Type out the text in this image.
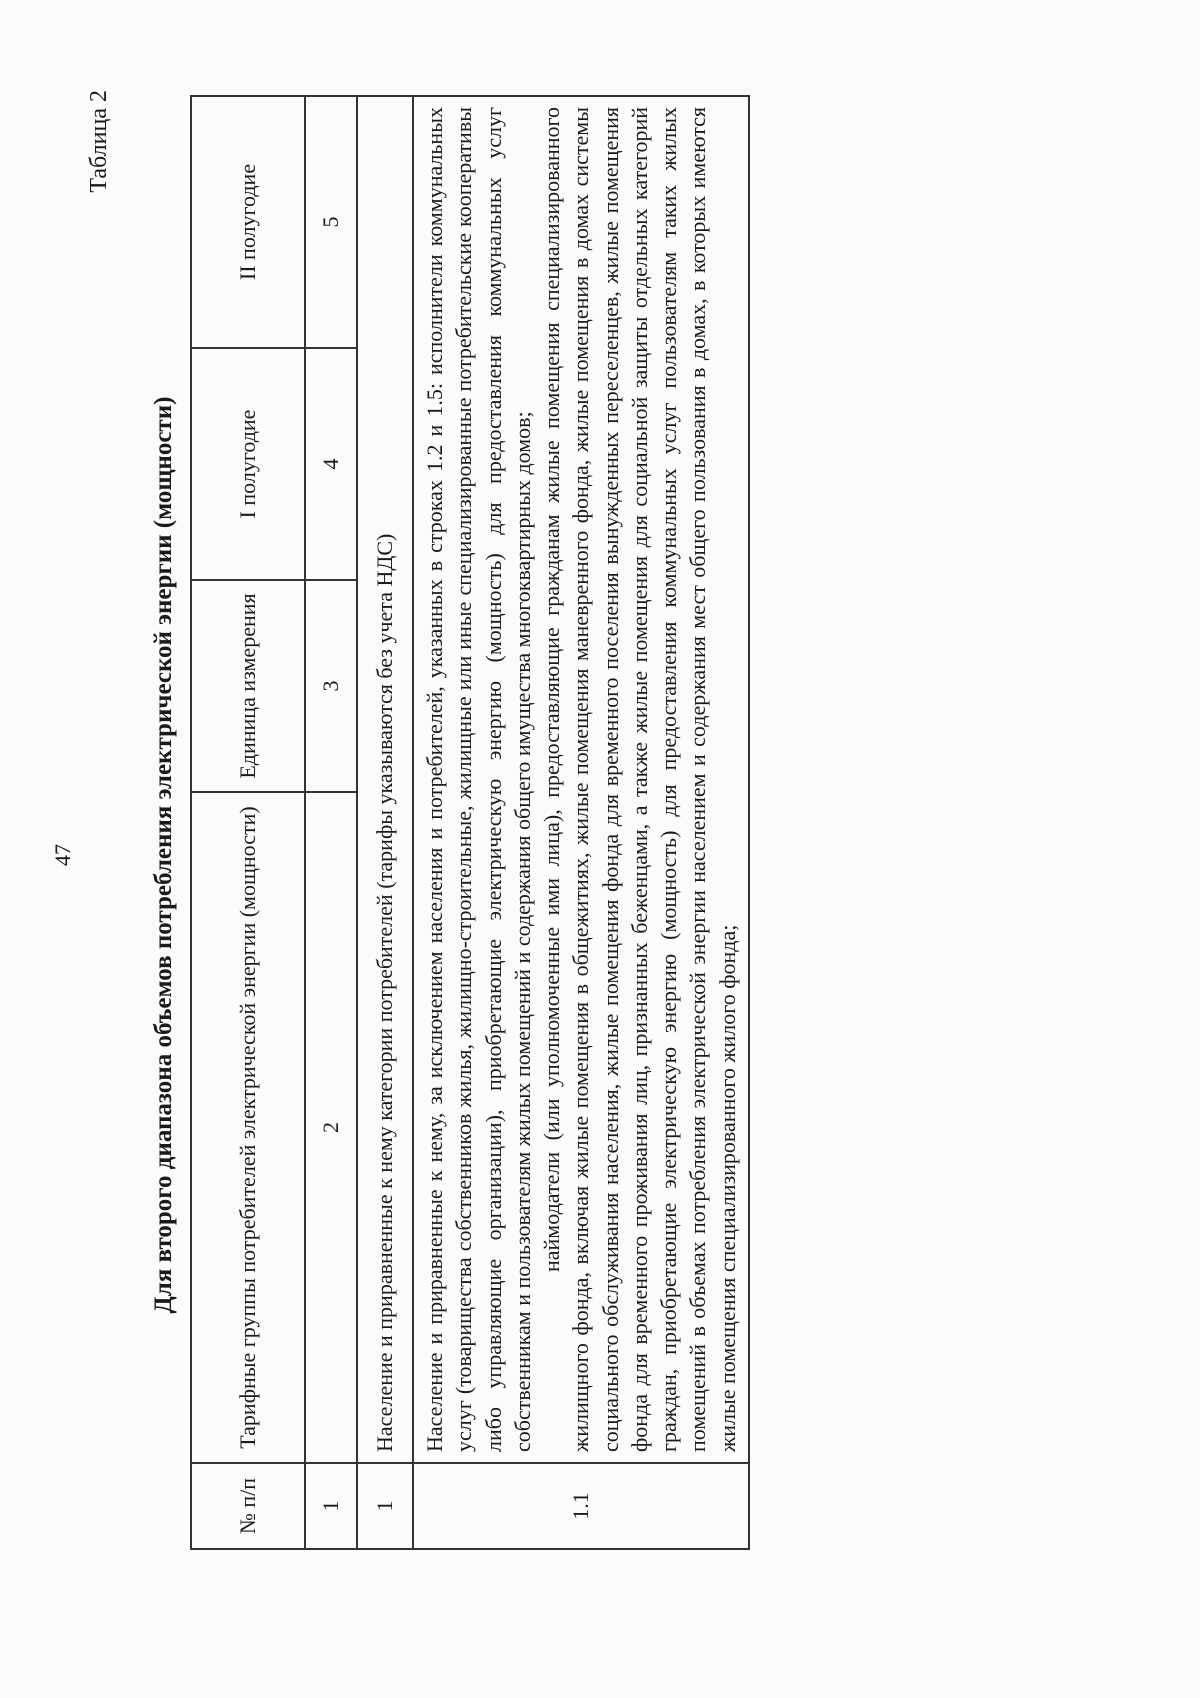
47
Таблица 2
Для второго диапазона объемов потребления электрической энергии (мощности)
№ п/п	Тарифные группы потребителей электрической энергии (мощности)	Единица измерения	I полугодие	II полугодие
1	2	3	4	5
1	Население и приравненные к нему категории потребителей (тарифы указываются без учета НДС)			
1.1	Население и приравненные к нему, за исключением населения и потребителей, указанных в строках 1.2 и 1.5: исполнители коммунальных услуг (товарищества собственников жилья, жилищно-строительные, жилищные или иные специализированные потребительские кооперативы либо управляющие организации), приобретающие электрическую энергию (мощность) для предоставления коммунальных услуг собственникам и пользователям жилых помещений и содержания общего имущества многоквартирных домов; наймодатели (или уполномоченные ими лица), предоставляющие гражданам жилые помещения специализированного жилищного фонда, включая жилые помещения в общежитиях, жилые помещения маневренного фонда, жилые помещения в домах системы социального обслуживания населения, жилые помещения фонда для временного поселения вынужденных переселенцев, жилые помещения фонда для временного проживания лиц, признанных беженцами, а также жилые помещения для социальной защиты отдельных категорий граждан, приобретающие электрическую энергию (мощность) для предоставления коммунальных услуг пользователям таких жилых помещений в объемах потребления электрической энергии населением и содержания мест общего пользования в домах, в которых имеются жилые помещения специализированного жилого фонда;			
